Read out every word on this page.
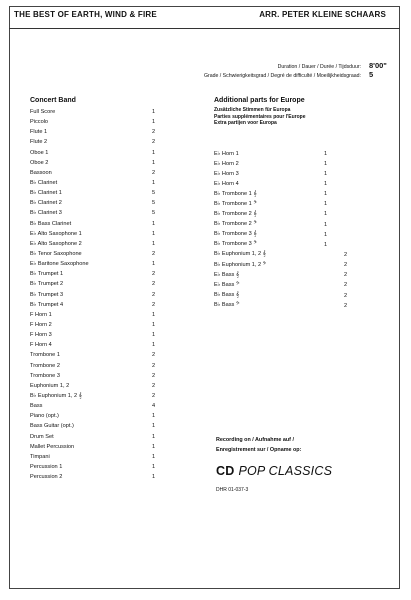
THE BEST OF EARTH, WIND & FIRE	ARR. PETER KLEINE SCHAARS
Duration / Dauer / Durée / Tijdsduur: 8'00"
Grade / Schwierigkeitsgrad / Degré de difficulté / Moeilijkheidsgraad: 5
Concert Band
Full Score	1
Piccolo	1
Flute 1	2
Flute 2	2
Oboe 1	1
Oboe 2	1
Bassoon	2
B♭ Clarinet	1
B♭ Clarinet 1	5
B♭ Clarinet 2	5
B♭ Clarinet 3	5
B♭ Bass Clarinet	1
E♭ Alto Saxophone 1	1
E♭ Alto Saxophone 2	1
B♭ Tenor Saxophone	2
E♭ Baritone Saxophone	1
B♭ Trumpet 1	2
B♭ Trumpet 2	2
B♭ Trumpet 3	2
B♭ Trumpet 4	2
F Horn 1	1
F Horn 2	1
F Horn 3	1
F Horn 4	1
Trombone 1	2
Trombone 2	2
Trombone 3	2
Euphonium 1, 2	2
B♭ Euphonium 1, 2 𝄞	2
Bass	4
Piano (opt.)	1
Bass Guitar (opt.)	1
Drum Set	1
Mallet Percussion	1
Timpani	1
Percussion 1	1
Percussion 2	1
Additional parts for Europe
Zusätzliche Stimmen für Europa
Parties supplémentaires pour l'Europe
Extra partijen voor Europa
E♭ Horn 1	1
E♭ Horn 2	1
E♭ Horn 3	1
E♭ Horn 4	1
B♭ Trombone 1 𝄞	1
B♭ Trombone 1 𝄢	1
B♭ Trombone 2 𝄞	1
B♭ Trombone 2 𝄢	1
B♭ Trombone 3 𝄞	1
B♭ Trombone 3 𝄢	1
B♭ Euphonium 1, 2 𝄞	2
B♭ Euphonium 1, 2 𝄢	2
E♭ Bass 𝄞	2
E♭ Bass 𝄢	2
B♭ Bass 𝄞	2
B♭ Bass 𝄢	2
Recording on / Aufnahme auf /
Enregistrement sur / Opname op:
CD POP CLASSICS
DHR 01-037-3
